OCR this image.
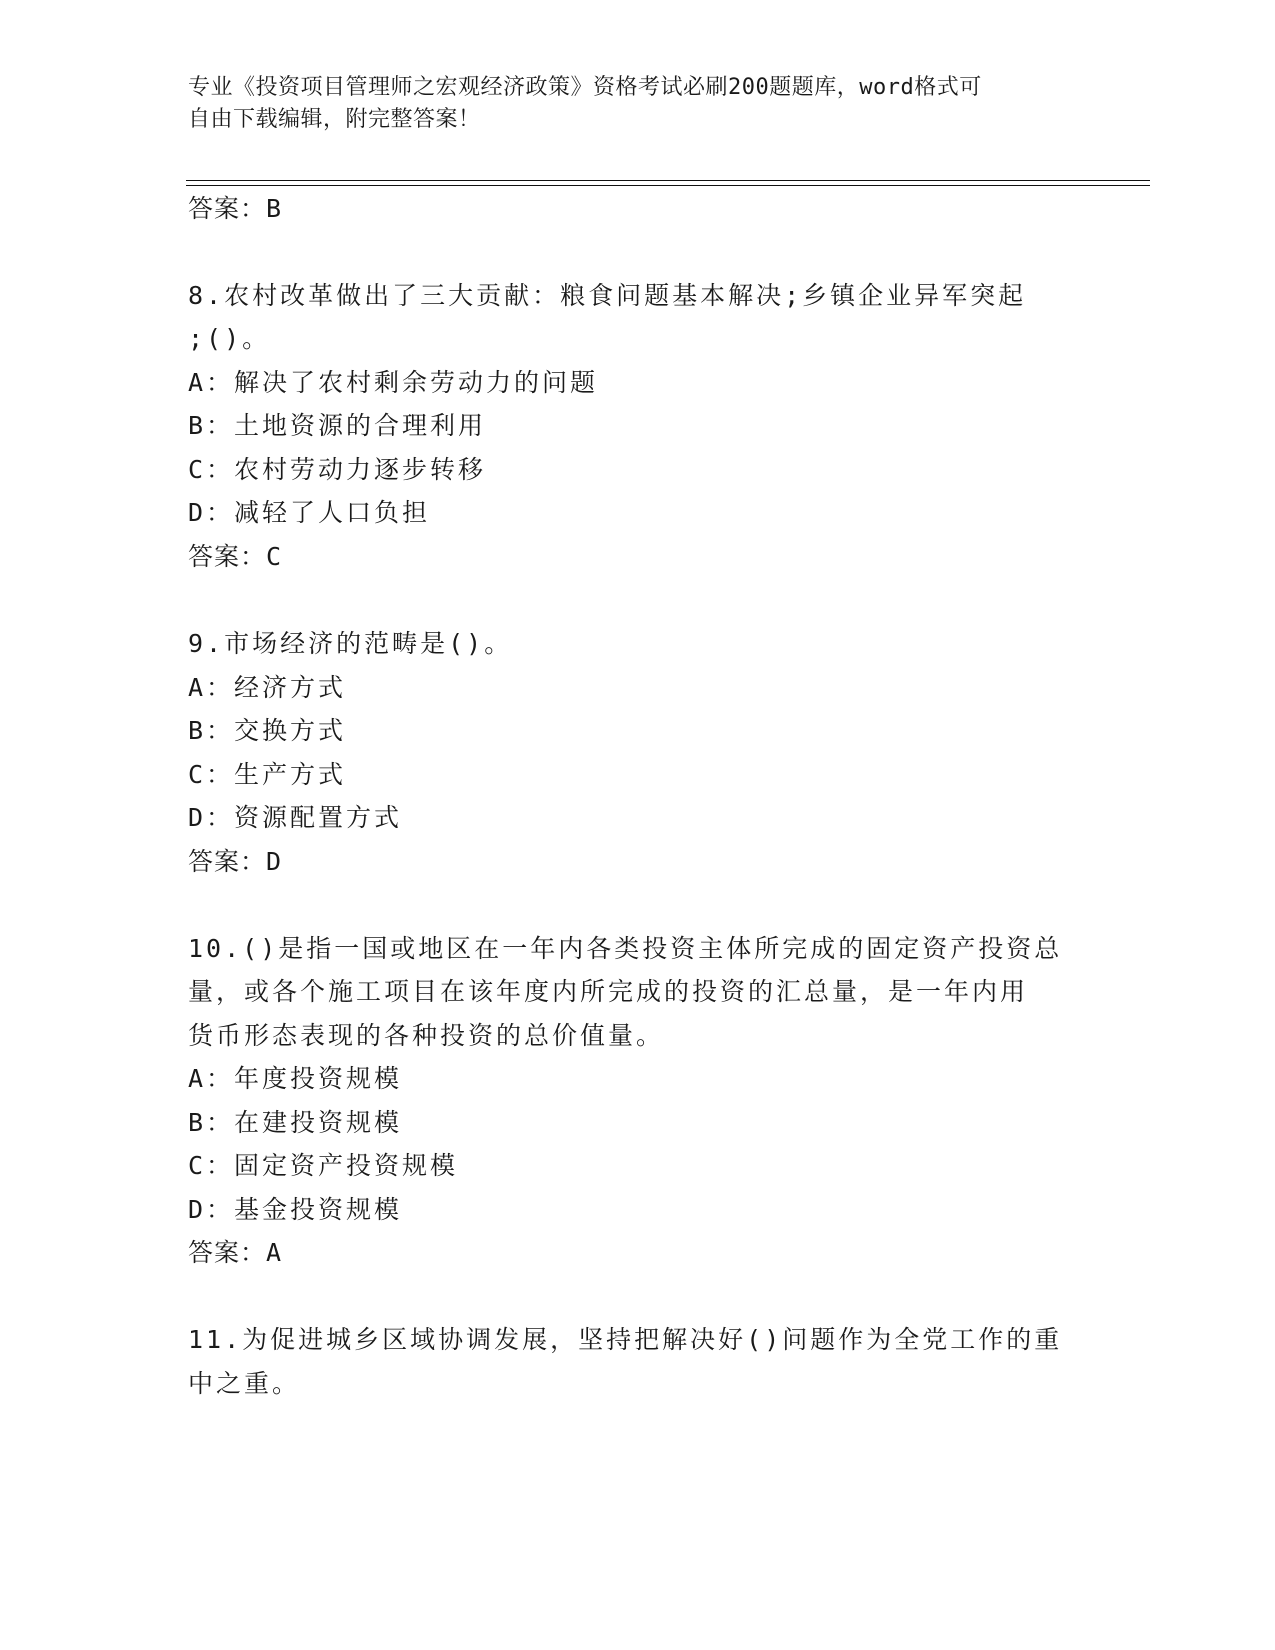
专业《投资项目管理师之宏观经济政策》资格考试必刷200题题库，word格式可
自由下载编辑，附完整答案！
答案：B
8.农村改革做出了三大贡献：粮食问题基本解决;乡镇企业异军突起
;()。
A：解决了农村剩余劳动力的问题
B：土地资源的合理利用
C：农村劳动力逐步转移
D：减轻了人口负担
答案：C
9.市场经济的范畴是()。
A：经济方式
B：交换方式
C：生产方式
D：资源配置方式
答案：D
10.()是指一国或地区在一年内各类投资主体所完成的固定资产投资总
量，或各个施工项目在该年度内所完成的投资的汇总量，是一年内用
货币形态表现的各种投资的总价值量。
A：年度投资规模
B：在建投资规模
C：固定资产投资规模
D：基金投资规模
答案：A
11.为促进城乡区域协调发展，坚持把解决好()问题作为全党工作的重
中之重。
